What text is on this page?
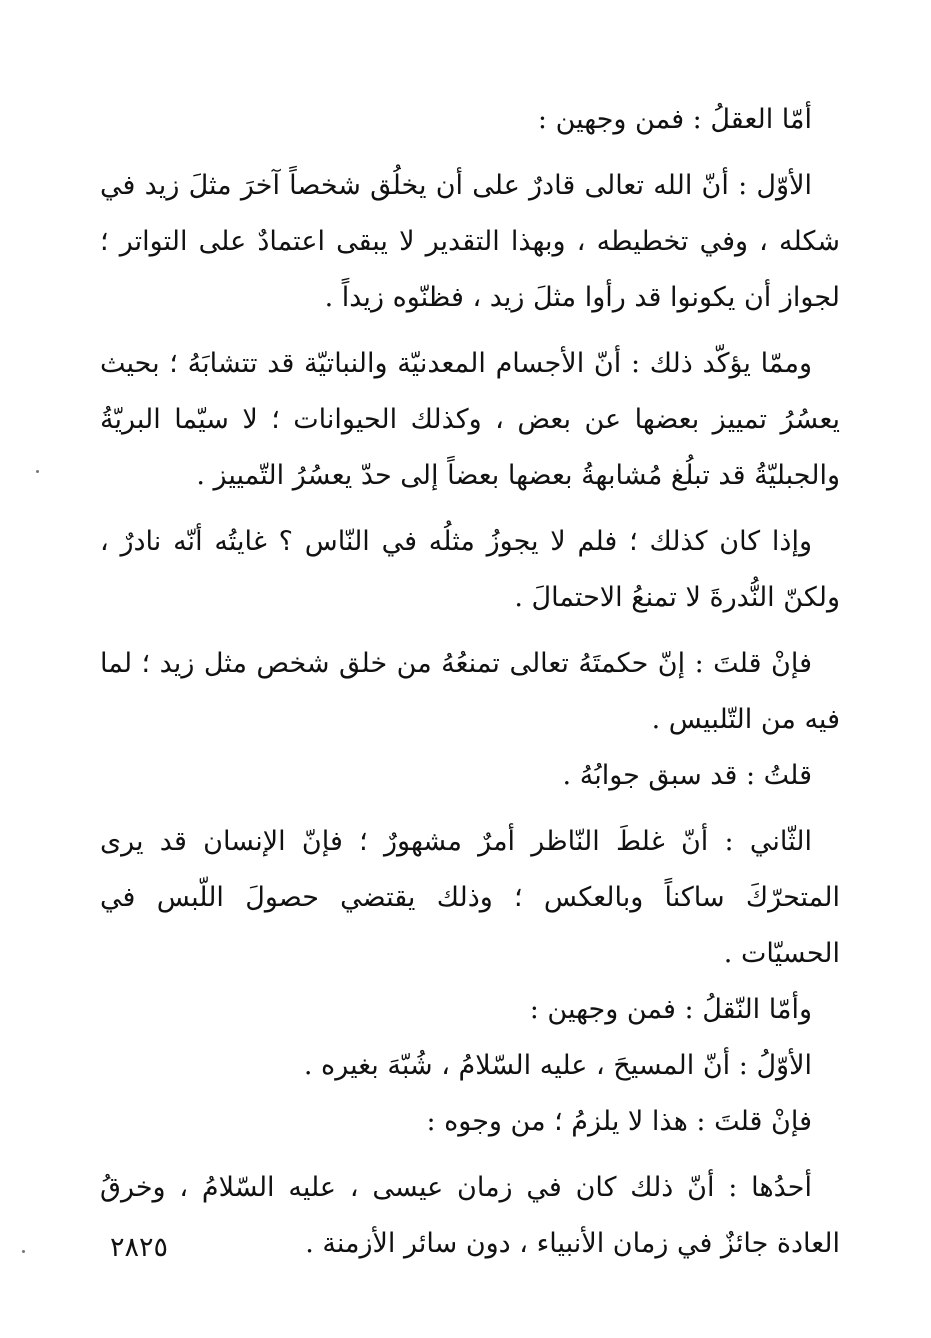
أمّا العقلُ : فمن وجهين :

الأوّل : أنّ الله تعالى قادرٌ على أن يخلُق شخصاً آخرَ مثلَ زيد في شكله ، وفي تخطيطه ، وبهذا التقدير لا يبقى اعتمادٌ على التواتر ؛ لجواز أن يكونوا قد رأوا مثلَ زيد ، فظنّوه زيداً .

وممّا يؤكّد ذلك : أنّ الأجسام المعدنيّة والنباتيّة قد تتشابَهُ ؛ بحيث يعسُرُ تمييز بعضها عن بعض ، وكذلك الحيوانات ؛ لا سيّما البريّةُ والجبليّةُ قد تبلُغ مُشابهةُ بعضها بعضاً إلى حدّ يعسُرُ التّمييز .

وإذا كان كذلك ؛ فلم لا يجوزُ مثلُه في النّاس ؟ غايتُه أنّه نادرٌ ، ولكنّ النُّدرةَ لا تمنعُ الاحتمالَ .

فإنْ قلتَ : إنّ حكمتَهُ تعالى تمنعُهُ من خلق شخص مثل زيد ؛ لما فيه من التّلبيس .

قلتُ : قد سبق جوابُهُ .

الثّاني : أنّ غلطَ النّاظر أمرٌ مشهورٌ ؛ فإنّ الإنسان قد يرى المتحرّكَ ساكناً وبالعكس ؛ وذلك يقتضي حصولَ اللّبس في الحسيّات .

وأمّا النّقلُ : فمن وجهين :

الأوّلُ : أنّ المسيحَ ، عليه السّلامُ ، شُبّهَ بغيره .

فإنْ قلتَ : هذا لا يلزمُ ؛ من وجوه :

أحدُها : أنّ ذلك كان في زمان عيسى ، عليه السّلامُ ، وخرقُ العادة جائزٌ في زمان الأنبياء ، دون سائر الأزمنة .

٢٨٢٥
